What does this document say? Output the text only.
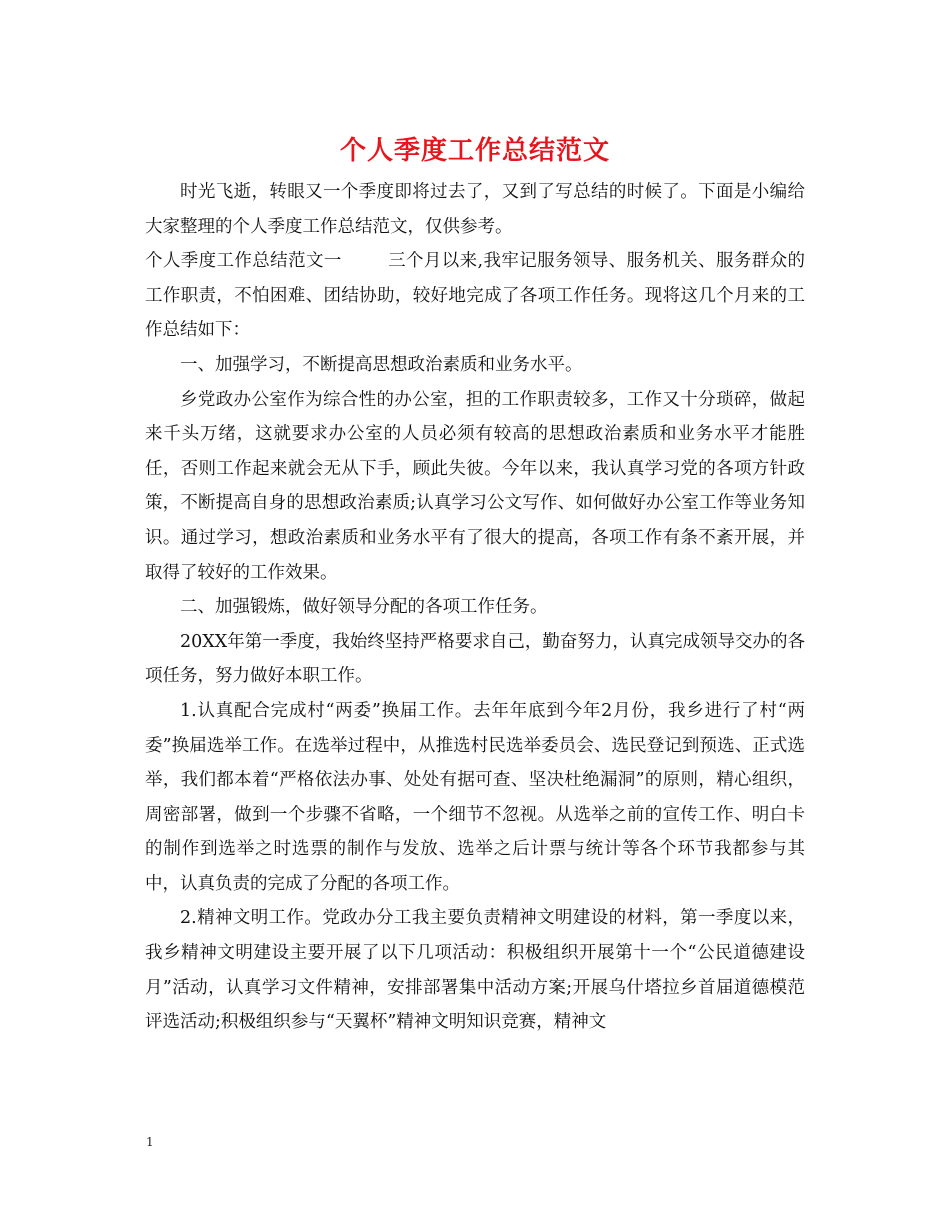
个人季度工作总结范文

时光飞逝，转眼又一个季度即将过去了，又到了写总结的时候了。下面是小编给大家整理的个人季度工作总结范文，仅供参考。

个人季度工作总结范文一	三个月以来,我牢记服务领导、服务机关、服务群众的工作职责，不怕困难、团结协助，较好地完成了各项工作任务。现将这几个月来的工作总结如下：

一、加强学习，不断提高思想政治素质和业务水平。

乡党政办公室作为综合性的办公室，担的工作职责较多，工作又十分琐碎，做起来千头万绪，这就要求办公室的人员必须有较高的思想政治素质和业务水平才能胜任，否则工作起来就会无从下手，顾此失彼。今年以来，我认真学习党的各项方针政策，不断提高自身的思想政治素质;认真学习公文写作、如何做好办公室工作等业务知识。通过学习，想政治素质和业务水平有了很大的提高，各项工作有条不紊开展，并取得了较好的工作效果。

二、加强锻炼，做好领导分配的各项工作任务。

20XX年第一季度，我始终坚持严格要求自己，勤奋努力，认真完成领导交办的各项任务，努力做好本职工作。

1.认真配合完成村“两委”换届工作。去年年底到今年2月份，我乡进行了村“两委”换届选举工作。在选举过程中，从推选村民选举委员会、选民登记到预选、正式选举，我们都本着“严格依法办事、处处有据可查、坚决杜绝漏洞”的原则，精心组织，周密部署，做到一个步骤不省略，一个细节不忽视。从选举之前的宣传工作、明白卡的制作到选举之时选票的制作与发放、选举之后计票与统计等各个环节我都参与其中，认真负责的完成了分配的各项工作。

2.精神文明工作。党政办分工我主要负责精神文明建设的材料，第一季度以来，我乡精神文明建设主要开展了以下几项活动：积极组织开展第十一个“公民道德建设月”活动，认真学习文件精神，安排部署集中活动方案;开展乌什塔拉乡首届道德模范评选活动;积极组织参与“天翼杯”精神文明知识竞赛，精神文

1
